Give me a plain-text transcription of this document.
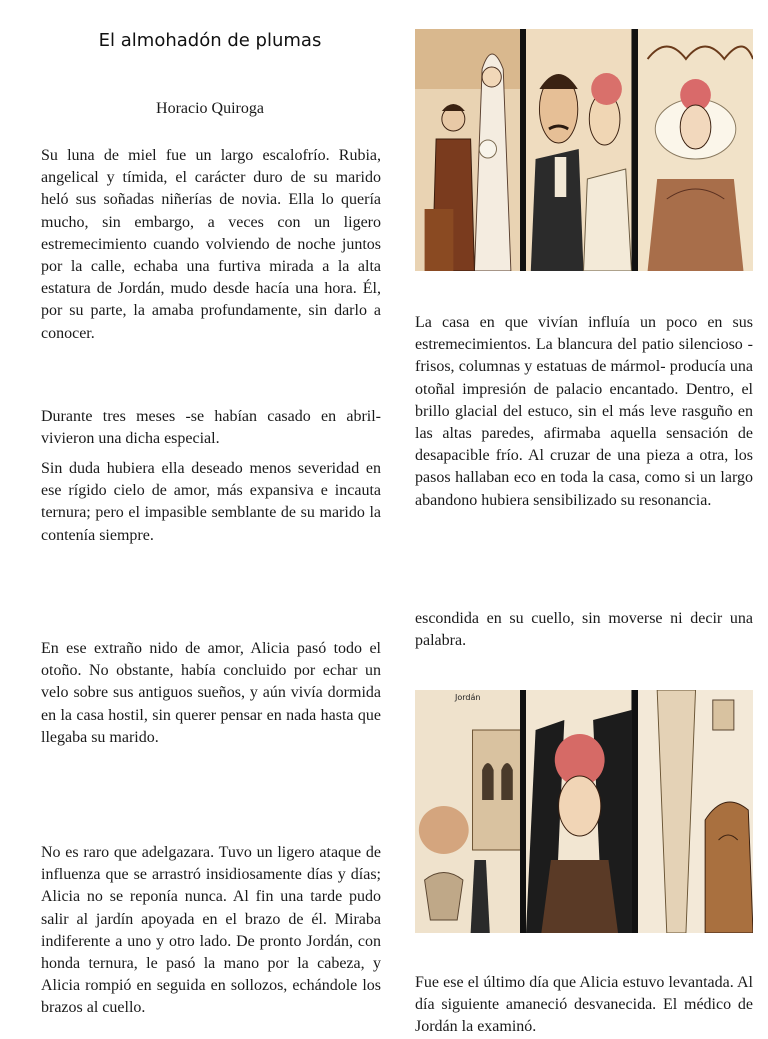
El almohadón de plumas
Horacio Quiroga

Su luna de miel fue un largo escalofrío. Rubia, angelical y tímida, el carácter duro de su marido heló sus soñadas niñerías de novia. Ella lo quería mucho, sin embargo, a veces con un ligero estremecimiento cuando volviendo de noche juntos por la calle, echaba una furtiva mirada a la alta estatura de Jordán, mudo desde hacía una hora. Él, por su parte, la amaba profundamente, sin darlo a conocer.

Durante tres meses -se habían casado en abril- vivieron una dicha especial.

Sin duda hubiera ella deseado menos severidad en ese rígido cielo de amor, más expansiva e incauta ternura; pero el impasible semblante de su marido la contenía siempre.

En ese extraño nido de amor, Alicia pasó todo el otoño. No obstante, había concluido por echar un velo sobre sus antiguos sueños, y aún vivía dormida en la casa hostil, sin querer pensar en nada hasta que llegaba su marido.

No es raro que adelgazara. Tuvo un ligero ataque de influenza que se arrastró insidiosamente días y días; Alicia no se reponía nunca. Al fin una tarde pudo salir al jardín apoyada en el brazo de él. Miraba indiferente a uno y otro lado. De pronto Jordán, con honda ternura, le pasó la mano por la cabeza, y Alicia rompió en seguida en sollozos, echándole los brazos al cuello.

La casa en que vivían influía un poco en sus estremecimientos. La blancura del patio silencioso -frisos, columnas y estatuas de mármol- producía una otoñal impresión de palacio encantado. Dentro, el brillo glacial del estuco, sin el más leve rasguño en las altas paredes, afirmaba aquella sensación de desapacible frío. Al cruzar de una pieza a otra, los pasos hallaban eco en toda la casa, como si un largo abandono hubiera sensibilizado su resonancia.

escondida en su cuello, sin moverse ni decir una palabra.

Jordán

Fue ese el último día que Alicia estuvo levantada. Al día siguiente amaneció desvanecida. El médico de Jordán la examinó.
